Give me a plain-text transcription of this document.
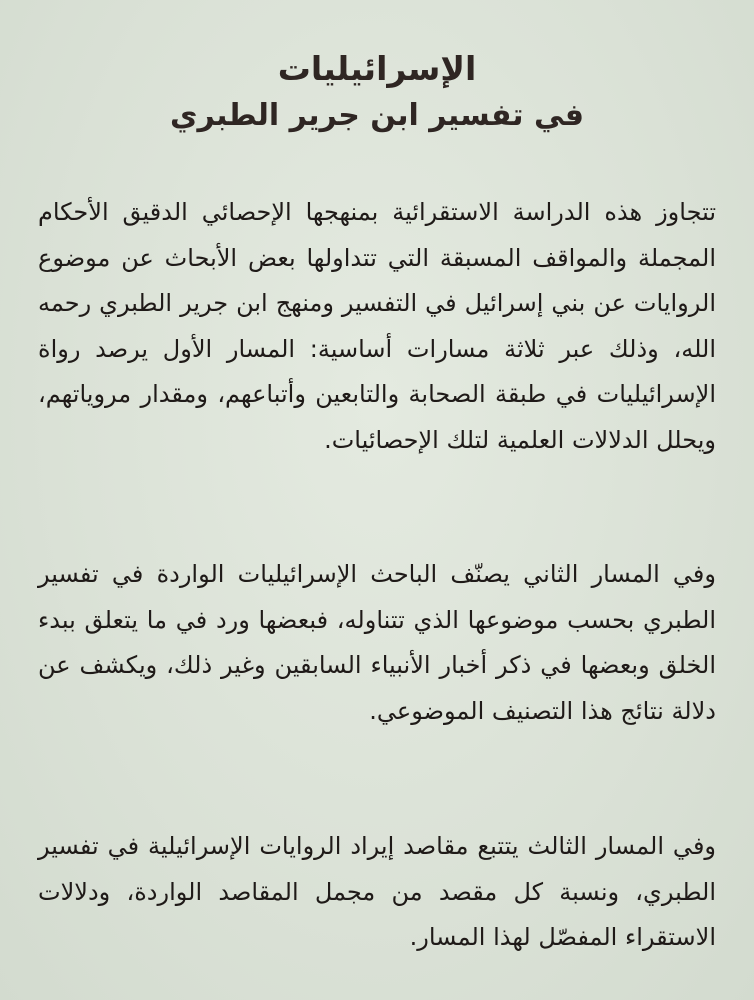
الإسرائيليات
في تفسير ابن جرير الطبري
تتجاوز هذه الدراسة الاستقرائية بمنهجها الإحصائي الدقيق الأحكام المجملة والمواقف المسبقة التي تتداولها بعض الأبحاث عن موضوع الروايات عن بني إسرائيل في التفسير ومنهج ابن جرير الطبري رحمه الله، وذلك عبر ثلاثة مسارات أساسية: المسار الأول يرصد رواة الإسرائيليات في طبقة الصحابة والتابعين وأتباعهم، ومقدار مروياتهم، ويحلل الدلالات العلمية لتلك الإحصائيات.
وفي المسار الثاني يصنّف الباحث الإسرائيليات الواردة في تفسير الطبري بحسب موضوعها الذي تتناوله، فبعضها ورد في ما يتعلق ببدء الخلق وبعضها في ذكر أخبار الأنبياء السابقين وغير ذلك، ويكشف عن دلالة نتائج هذا التصنيف الموضوعي.
وفي المسار الثالث يتتبع مقاصد إيراد الروايات الإسرائيلية في تفسير الطبري، ونسبة كل مقصد من مجمل المقاصد الواردة، ودلالات الاستقراء المفصّل لهذا المسار.
